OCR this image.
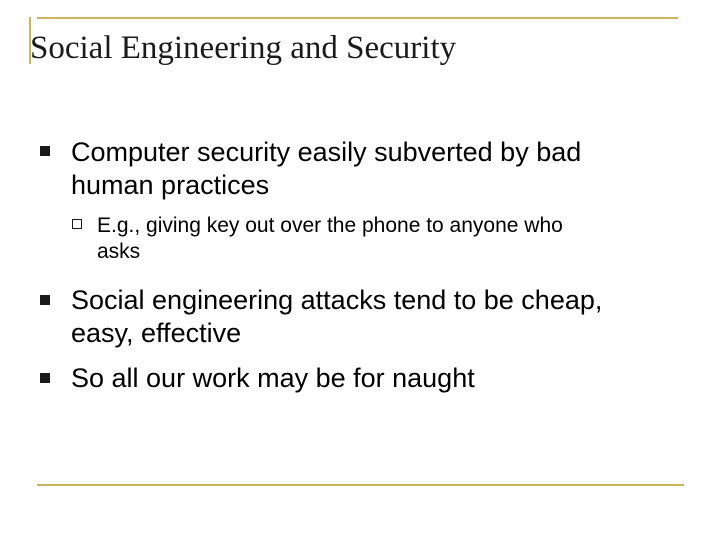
Social Engineering and Security
Computer security easily subverted by bad
human practices
E.g., giving key out over the phone to anyone who
asks
Social engineering attacks tend to be cheap,
easy, effective
So all our work may be for naught
